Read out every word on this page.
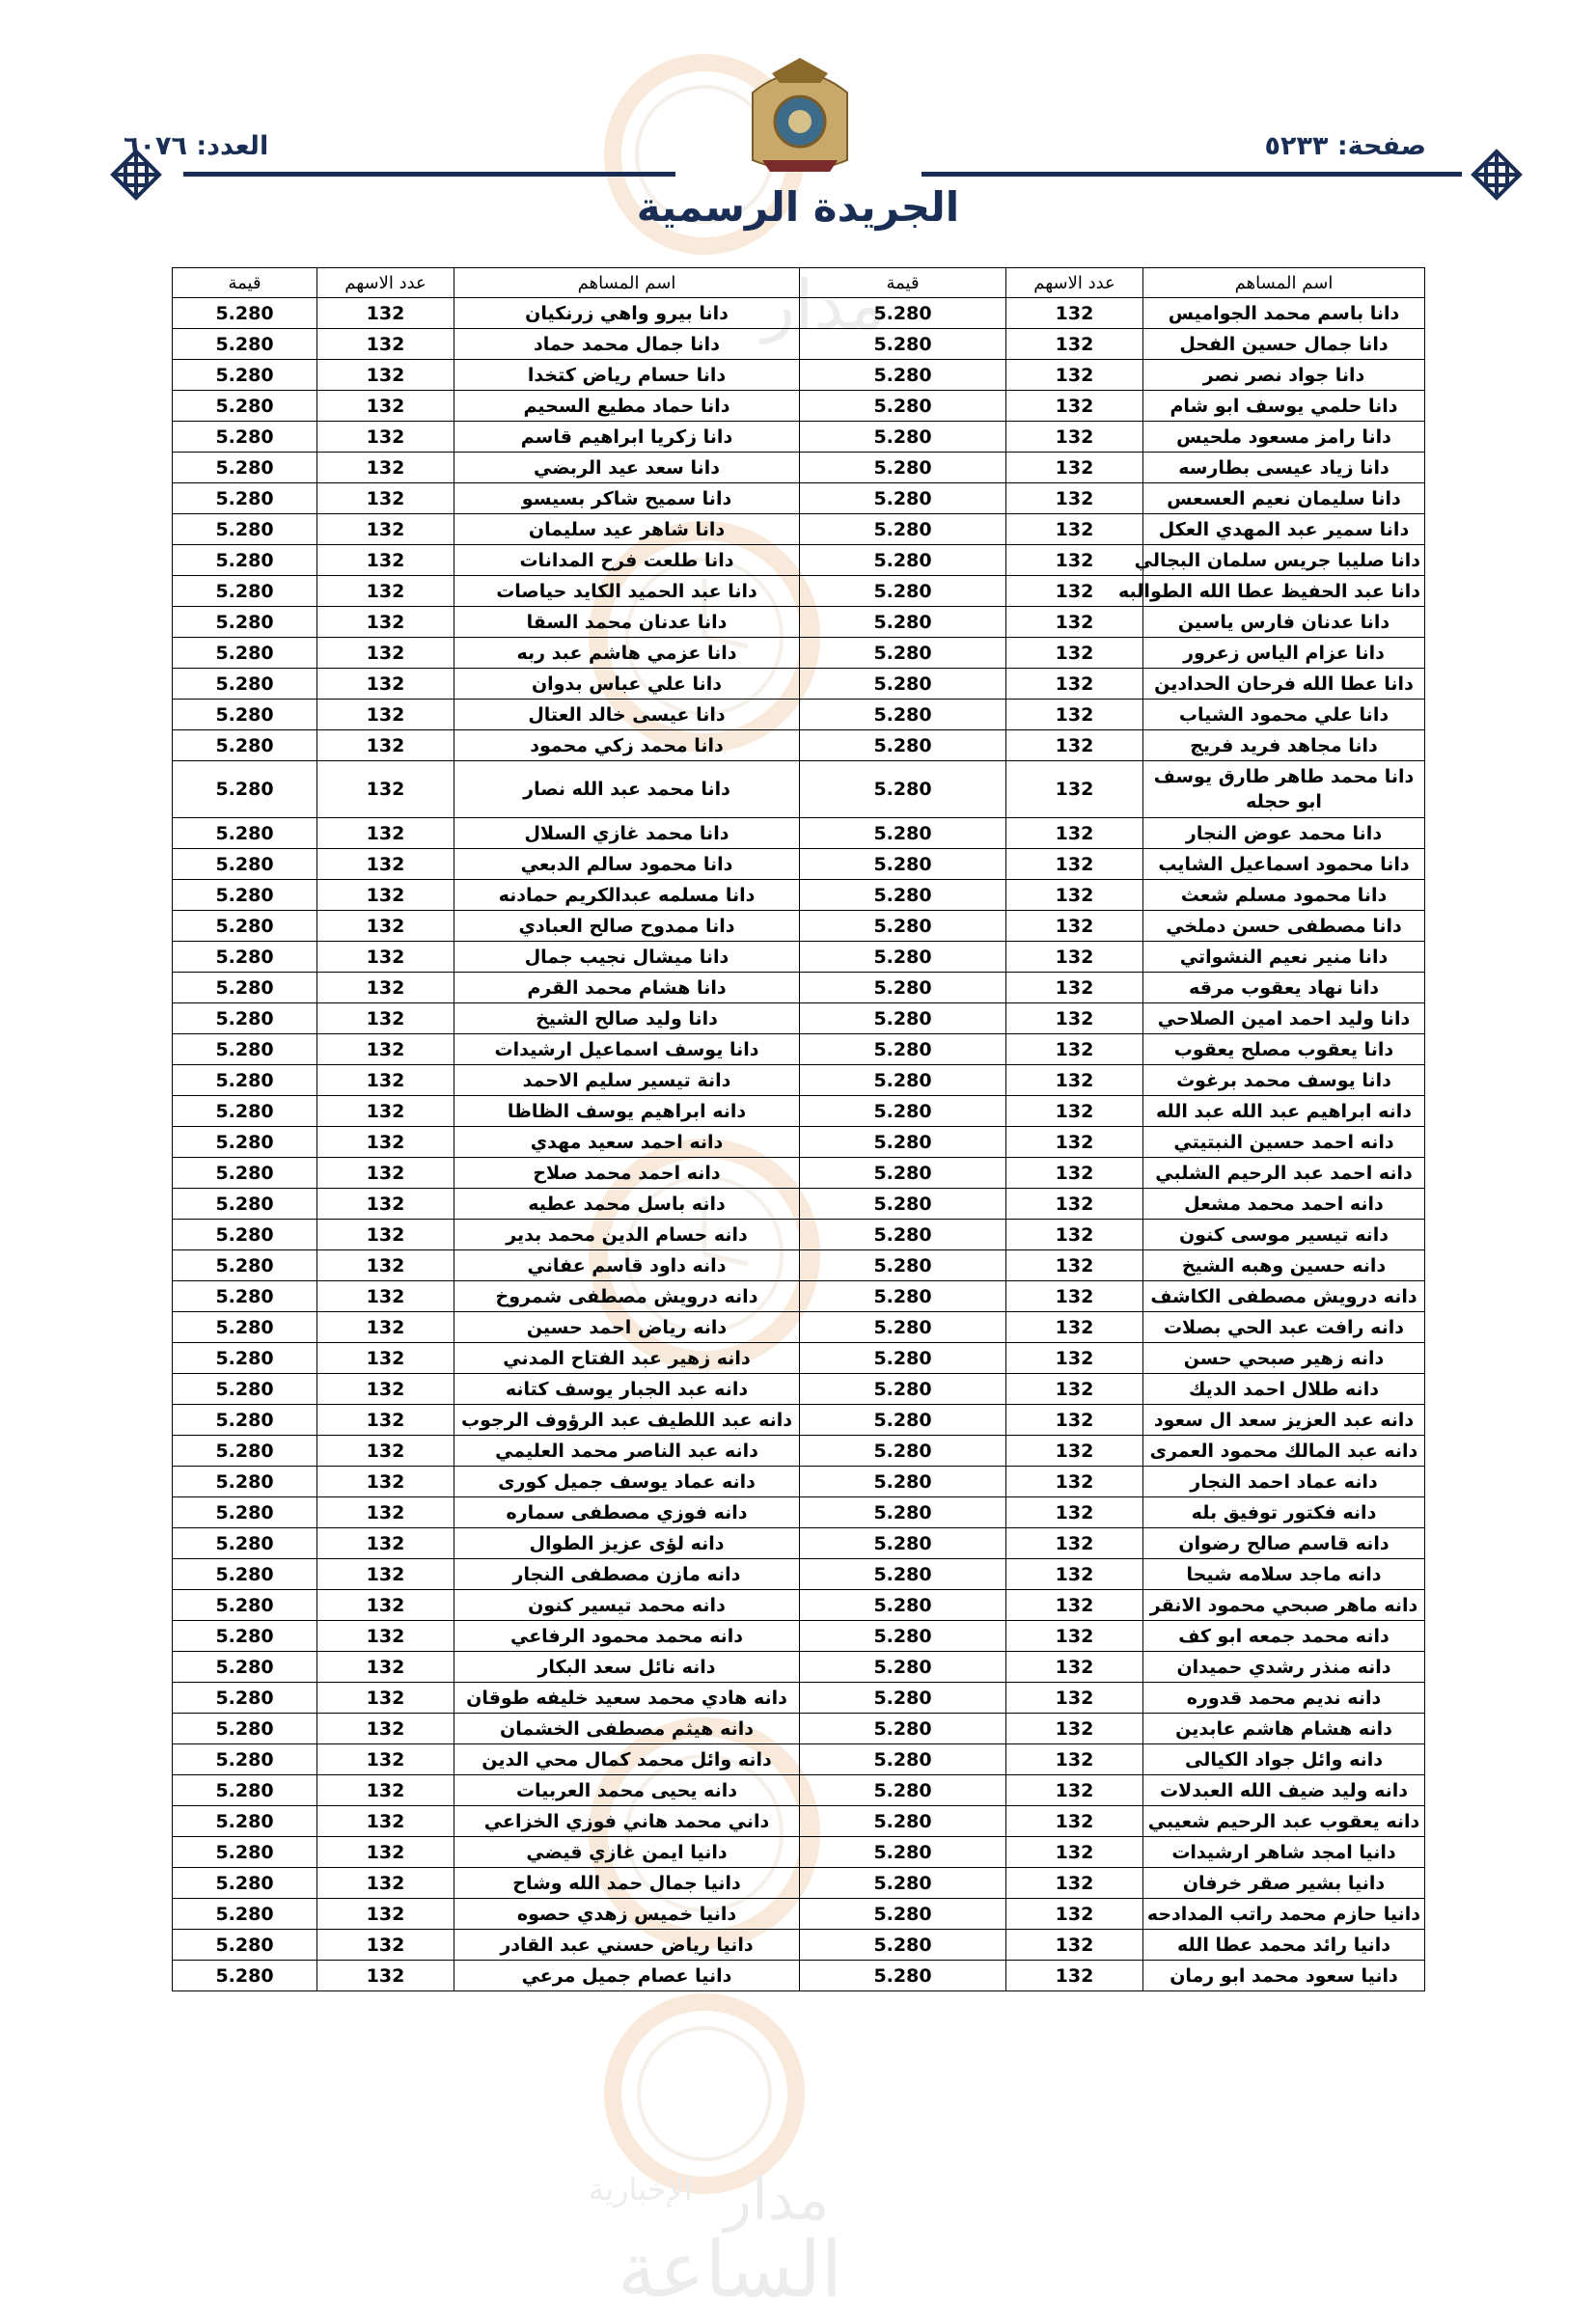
مدار
الإخبارية مدار
الساعة
صفحة: ٥٢٣٣
العدد: ٦٠٧٦
الجريدة الرسمية
اسم المساهم	عدد الاسهم	قيمة	اسم المساهم	عدد الاسهم	قيمة
دانا باسم محمد الجواميس	132	5.280	دانا بيرو واهي زرنكيان	132	5.280
دانا جمال حسين الفحل	132	5.280	دانا جمال محمد حماد	132	5.280
دانا جواد نصر نصر	132	5.280	دانا حسام رياض كتخدا	132	5.280
دانا حلمي يوسف ابو شام	132	5.280	دانا حماد مطيع السحيم	132	5.280
دانا رامز مسعود ملحيس	132	5.280	دانا زكريا ابراهيم قاسم	132	5.280
دانا زياد عيسى بطارسه	132	5.280	دانا سعد عيد الربضي	132	5.280
دانا سليمان نعيم العسعس	132	5.280	دانا سميح شاكر بسيسو	132	5.280
دانا سمير عبد المهدي العكل	132	5.280	دانا شاهر عيد سليمان	132	5.280
دانا صليبا جريس سلمان البجالي	132	5.280	دانا طلعت فرح المدانات	132	5.280
دانا عبد الحفيظ عطا الله الطوالبه	132	5.280	دانا عبد الحميد الكايد حياصات	132	5.280
دانا عدنان فارس ياسين	132	5.280	دانا عدنان محمد السقا	132	5.280
دانا عزام الياس زعرور	132	5.280	دانا عزمي هاشم عبد ربه	132	5.280
دانا عطا الله فرحان الحدادين	132	5.280	دانا علي عباس بدوان	132	5.280
دانا علي محمود الشياب	132	5.280	دانا عيسى خالد العتال	132	5.280
دانا مجاهد فريد فريج	132	5.280	دانا محمد زكي محمود	132	5.280
دانا محمد طاهر طارق يوسف ابو حجله	132	5.280	دانا محمد عبد الله نصار	132	5.280
دانا محمد عوض النجار	132	5.280	دانا محمد غازي السلال	132	5.280
دانا محمود اسماعيل الشايب	132	5.280	دانا محمود سالم الدبعي	132	5.280
دانا محمود مسلم شعث	132	5.280	دانا مسلمه عبدالكريم حمادنه	132	5.280
دانا مصطفى حسن دملخي	132	5.280	دانا ممدوح صالح العبادي	132	5.280
دانا منير نعيم النشواتي	132	5.280	دانا ميشال نجيب جمال	132	5.280
دانا نهاد يعقوب مرقه	132	5.280	دانا هشام محمد القرم	132	5.280
دانا وليد احمد امين الصلاحي	132	5.280	دانا وليد صالح الشيخ	132	5.280
دانا يعقوب مصلح يعقوب	132	5.280	دانا يوسف اسماعيل ارشيدات	132	5.280
دانا يوسف محمد برغوث	132	5.280	دانة تيسير سليم الاحمد	132	5.280
دانه ابراهيم عبد الله عبد الله	132	5.280	دانه ابراهيم يوسف الظاظا	132	5.280
دانه احمد حسين النبتيتي	132	5.280	دانه احمد سعيد مهدي	132	5.280
دانه احمد عبد الرحيم الشلبي	132	5.280	دانه احمد محمد صلاح	132	5.280
دانه احمد محمد مشعل	132	5.280	دانه باسل محمد عطيه	132	5.280
دانه تيسير موسى كنون	132	5.280	دانه حسام الدين محمد بدير	132	5.280
دانه حسين وهبه الشيخ	132	5.280	دانه داود قاسم عفاني	132	5.280
دانه درويش مصطفى الكاشف	132	5.280	دانه درويش مصطفى شمروخ	132	5.280
دانه رافت عبد الحي بصلات	132	5.280	دانه رياض احمد حسين	132	5.280
دانه زهير صبحي حسن	132	5.280	دانه زهير عبد الفتاح المدني	132	5.280
دانه طلال احمد الديك	132	5.280	دانه عبد الجبار يوسف كتانه	132	5.280
دانه عبد العزيز سعد ال سعود	132	5.280	دانه عبد اللطيف عبد الرؤوف الرجوب	132	5.280
دانه عبد المالك محمود العمرى	132	5.280	دانه عبد الناصر محمد العليمي	132	5.280
دانه عماد احمد النجار	132	5.280	دانه عماد يوسف جميل كورى	132	5.280
دانه فكتور توفيق بله	132	5.280	دانه فوزي مصطفى سماره	132	5.280
دانه قاسم صالح رضوان	132	5.280	دانه لؤى عزيز الطوال	132	5.280
دانه ماجد سلامه شيحا	132	5.280	دانه مازن مصطفى النجار	132	5.280
دانه ماهر صبحي محمود الانقر	132	5.280	دانه محمد تيسير كنون	132	5.280
دانه محمد جمعه ابو كف	132	5.280	دانه محمد محمود الرفاعي	132	5.280
دانه منذر رشدي حميدان	132	5.280	دانه نائل سعد البكار	132	5.280
دانه نديم محمد قدوره	132	5.280	دانه هادي محمد سعيد خليفه طوقان	132	5.280
دانه هشام هاشم عابدين	132	5.280	دانه هيثم مصطفى الخشمان	132	5.280
دانه وائل جواد الكيالى	132	5.280	دانه وائل محمد كمال محي الدين	132	5.280
دانه وليد ضيف الله العبدلات	132	5.280	دانه يحيى محمد العربيات	132	5.280
دانه يعقوب عبد الرحيم شعيبي	132	5.280	داني محمد هاني فوزي الخزاعي	132	5.280
دانيا امجد شاهر ارشيدات	132	5.280	دانيا ايمن غازي قيضي	132	5.280
دانيا بشير صقر خرفان	132	5.280	دانيا جمال حمد الله وشاح	132	5.280
دانيا حازم محمد راتب المدادحه	132	5.280	دانيا خميس زهدي حصوه	132	5.280
دانيا رائد محمد عطا الله	132	5.280	دانيا رياض حسني عبد القادر	132	5.280
دانيا سعود محمد ابو رمان	132	5.280	دانيا عصام جميل مرعي	132	5.280
